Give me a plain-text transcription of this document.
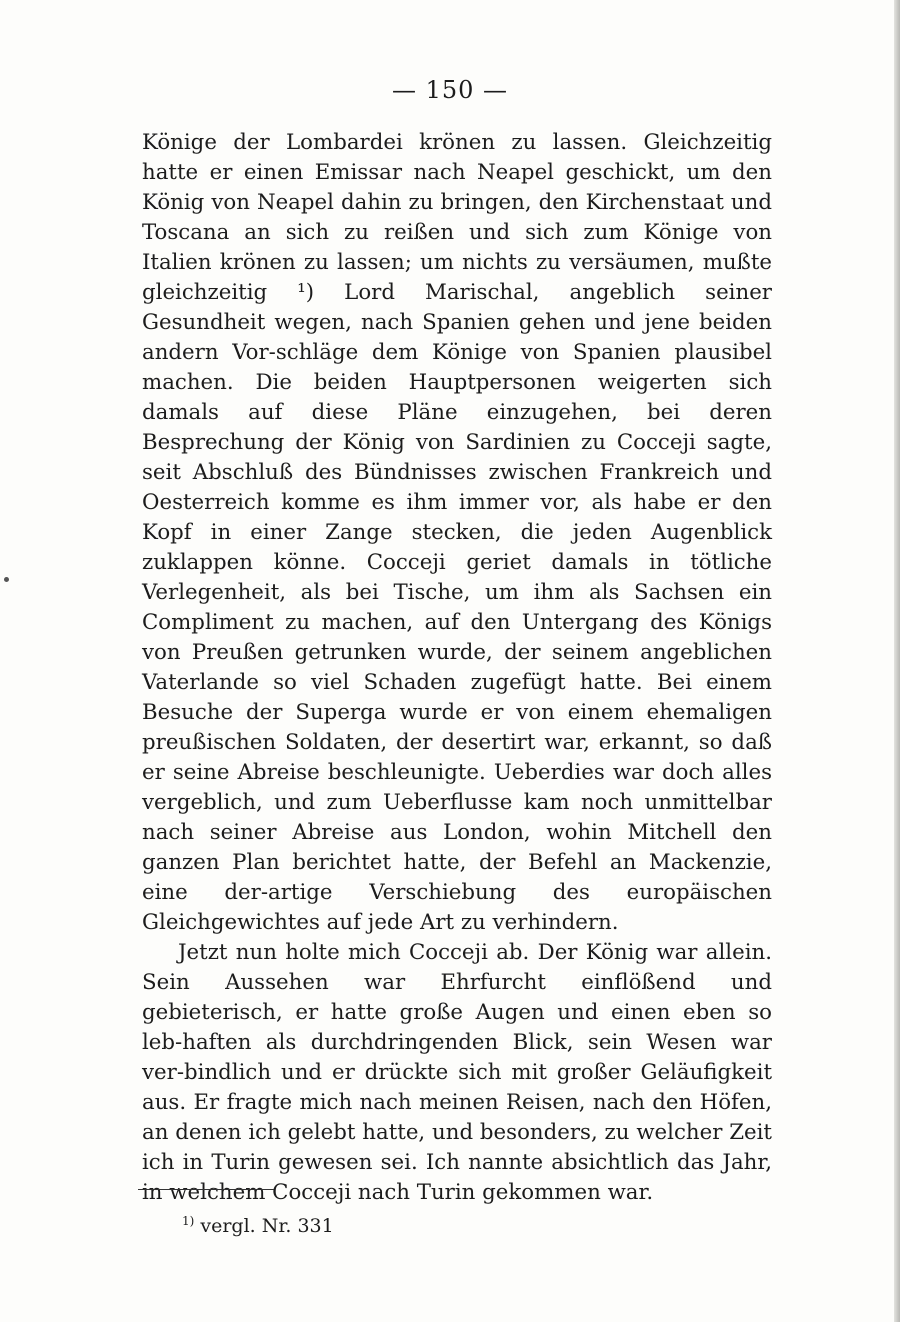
— 150 —

Könige der Lombardei krönen zu lassen. Gleichzeitig hatte er einen Emissar nach Neapel geschickt, um den König von Neapel dahin zu bringen, den Kirchenstaat und Toscana an sich zu reißen und sich zum Könige von Italien krönen zu lassen; um nichts zu versäumen, mußte gleichzeitig ¹) Lord Marischal, angeblich seiner Gesundheit wegen, nach Spanien gehen und jene beiden andern Vor-schläge dem Könige von Spanien plausibel machen. Die beiden Hauptpersonen weigerten sich damals auf diese Pläne einzugehen, bei deren Besprechung der König von Sardinien zu Cocceji sagte, seit Abschluß des Bündnisses zwischen Frankreich und Oesterreich komme es ihm immer vor, als habe er den Kopf in einer Zange stecken, die jeden Augenblick zuklappen könne. Cocceji geriet damals in tötliche Verlegenheit, als bei Tische, um ihm als Sachsen ein Compliment zu machen, auf den Untergang des Königs von Preußen getrunken wurde, der seinem angeblichen Vaterlande so viel Schaden zugefügt hatte. Bei einem Besuche der Superga wurde er von einem ehemaligen preußischen Soldaten, der desertirt war, erkannt, so daß er seine Abreise beschleunigte. Ueberdies war doch alles vergeblich, und zum Ueberflusse kam noch unmittelbar nach seiner Abreise aus London, wohin Mitchell den ganzen Plan berichtet hatte, der Befehl an Mackenzie, eine der-artige Verschiebung des europäischen Gleichgewichtes auf jede Art zu verhindern.

Jetzt nun holte mich Cocceji ab. Der König war allein. Sein Aussehen war Ehrfurcht einflößend und gebieterisch, er hatte große Augen und einen eben so leb-haften als durchdringenden Blick, sein Wesen war ver-bindlich und er drückte sich mit großer Geläufigkeit aus. Er fragte mich nach meinen Reisen, nach den Höfen, an denen ich gelebt hatte, und besonders, zu welcher Zeit ich in Turin gewesen sei. Ich nannte absichtlich das Jahr, in welchem Cocceji nach Turin gekommen war.

$^{1)}$ vergl. Nr. 331
